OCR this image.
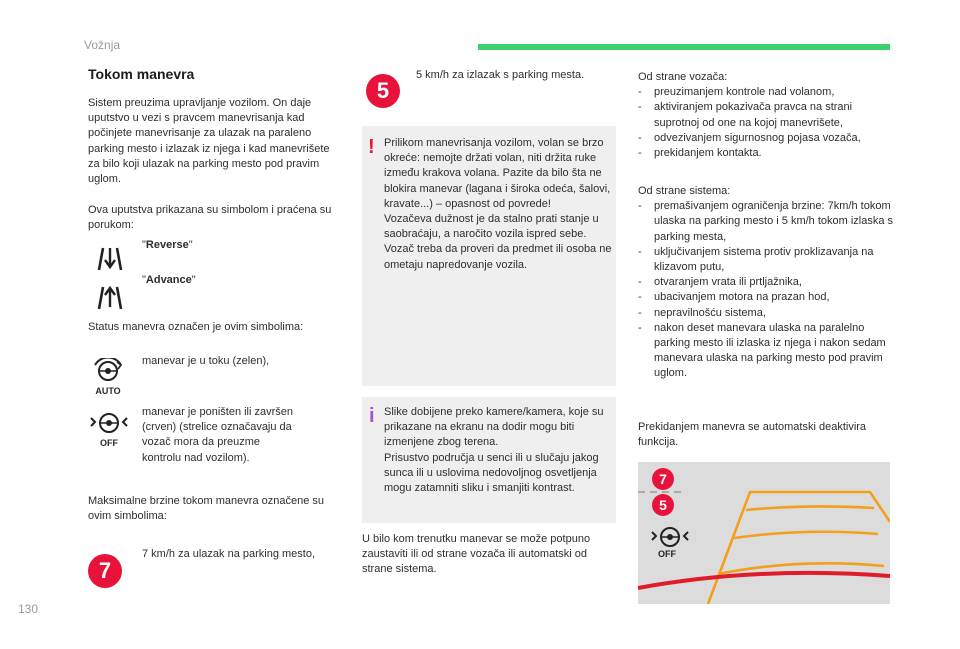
Vožnja
Tokom manevra
Sistem preuzima upravljanje vozilom. On daje uputstvo u vezi s pravcem manevrisanja kad počinjete manevrisanje za ulazak na paraleno parking mesto i izlazak iz njega i kad manevrišete za bilo koji ulazak na parking mesto pod pravim uglom.
Ova uputstva prikazana su simbolom i praćena su porukom:
"Reverse"
"Advance"
Status manevra označen je ovim simbolima:
AUTO
manevar je u toku (zelen),
OFF
manevar je poništen ili završen (crven) (strelice označavaju da vozač mora da preuzme kontrolu nad vozilom).
Maksimalne brzine tokom manevra označene su ovim simbolima:
7
7 km/h za ulazak na parking mesto,
5
5 km/h za izlazak s parking mesta.
! Prilikom manevrisanja vozilom, volan se brzo okreće: nemojte držati volan, niti držita ruke između krakova volana. Pazite da bilo šta ne blokira manevar (lagana i široka odeća, šalovi, kravate...) – opasnost od povrede!
Vozačeva dužnost je da stalno prati stanje u saobraćaju, a naročito vozila ispred sebe.
Vozač treba da proveri da predmet ili osoba ne ometaju napredovanje vozila.
i Slike dobijene preko kamere/kamera, koje su prikazane na ekranu na dodir mogu biti izmenjene zbog terena.
Prisustvo područja u senci ili u slučaju jakog sunca ili u uslovima nedovoljnog osvetljenja mogu zatamniti sliku i smanjiti kontrast.
U bilo kom trenutku manevar se može potpuno zaustaviti ili od strane vozača ili automatski od strane sistema.
Od strane vozača:
- preuzimanjem kontrole nad volanom,
- aktiviranjem pokazivača pravca na strani suprotnoj od one na kojoj manevrišete,
- odvezivanjem sigurnosnog pojasa vozača,
- prekidanjem kontakta.
Od strane sistema:
- premašivanjem ograničenja brzine: 7km/h tokom ulaska na parking mesto i 5 km/h tokom izlaska s parking mesta,
- uključivanjem sistema protiv proklizavanja na klizavom putu,
- otvaranjem vrata ili prtljažnika,
- ubacivanjem motora na prazan hod,
- nepravilnošću sistema,
- nakon deset manevara ulaska na paralelno parking mesto ili izlaska iz njega i nakon sedam manevara ulaska na parking mesto pod pravim uglom.
Prekidanjem manevra se automatski deaktivira funkcija.
7
5
OFF
130
